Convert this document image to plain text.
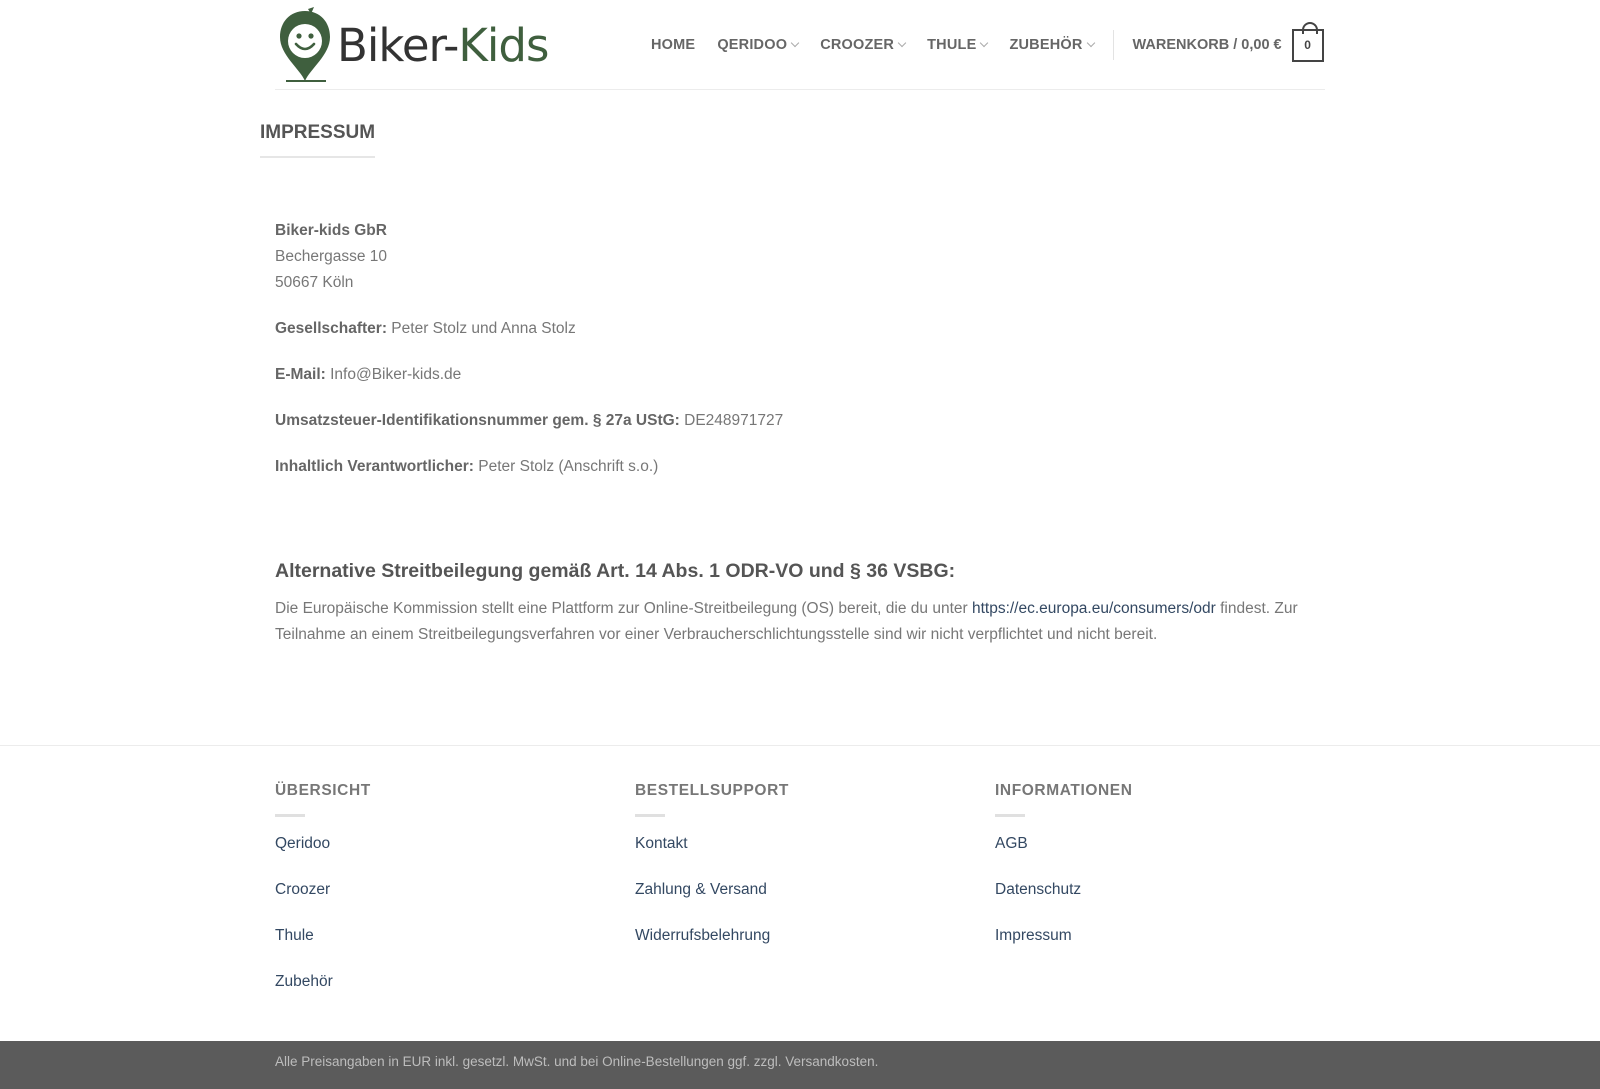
Biker-Kids	HOME QERIDOO CROOZER THULE ZUBEHÖR	WARENKORB / 0,00 € 0
IMPRESSUM

Biker-kids GbR
Bechergasse 10
50667 Köln

Gesellschafter: Peter Stolz und Anna Stolz

E-Mail: Info@Biker-kids.de

Umsatzsteuer-Identifikationsnummer gem. § 27a UStG: DE248971727

Inhaltlich Verantwortlicher: Peter Stolz (Anschrift s.o.)

Alternative Streitbeilegung gemäß Art. 14 Abs. 1 ODR-VO und § 36 VSBG:

Die Europäische Kommission stellt eine Plattform zur Online-Streitbeilegung (OS) bereit, die du unter https://ec.europa.eu/consumers/odr findest. Zur Teilnahme an einem Streitbeilegungsverfahren vor einer Verbraucherschlichtungsstelle sind wir nicht verpflichtet und nicht bereit.

ÜBERSICHT
Qeridoo
Croozer
Thule
Zubehör
BESTELLSUPPORT
Kontakt
Zahlung & Versand
Widerrufsbelehrung
INFORMATIONEN
AGB
Datenschutz
Impressum
Alle Preisangaben in EUR inkl. gesetzl. MwSt. und bei Online-Bestellungen ggf. zzgl. Versandkosten.
